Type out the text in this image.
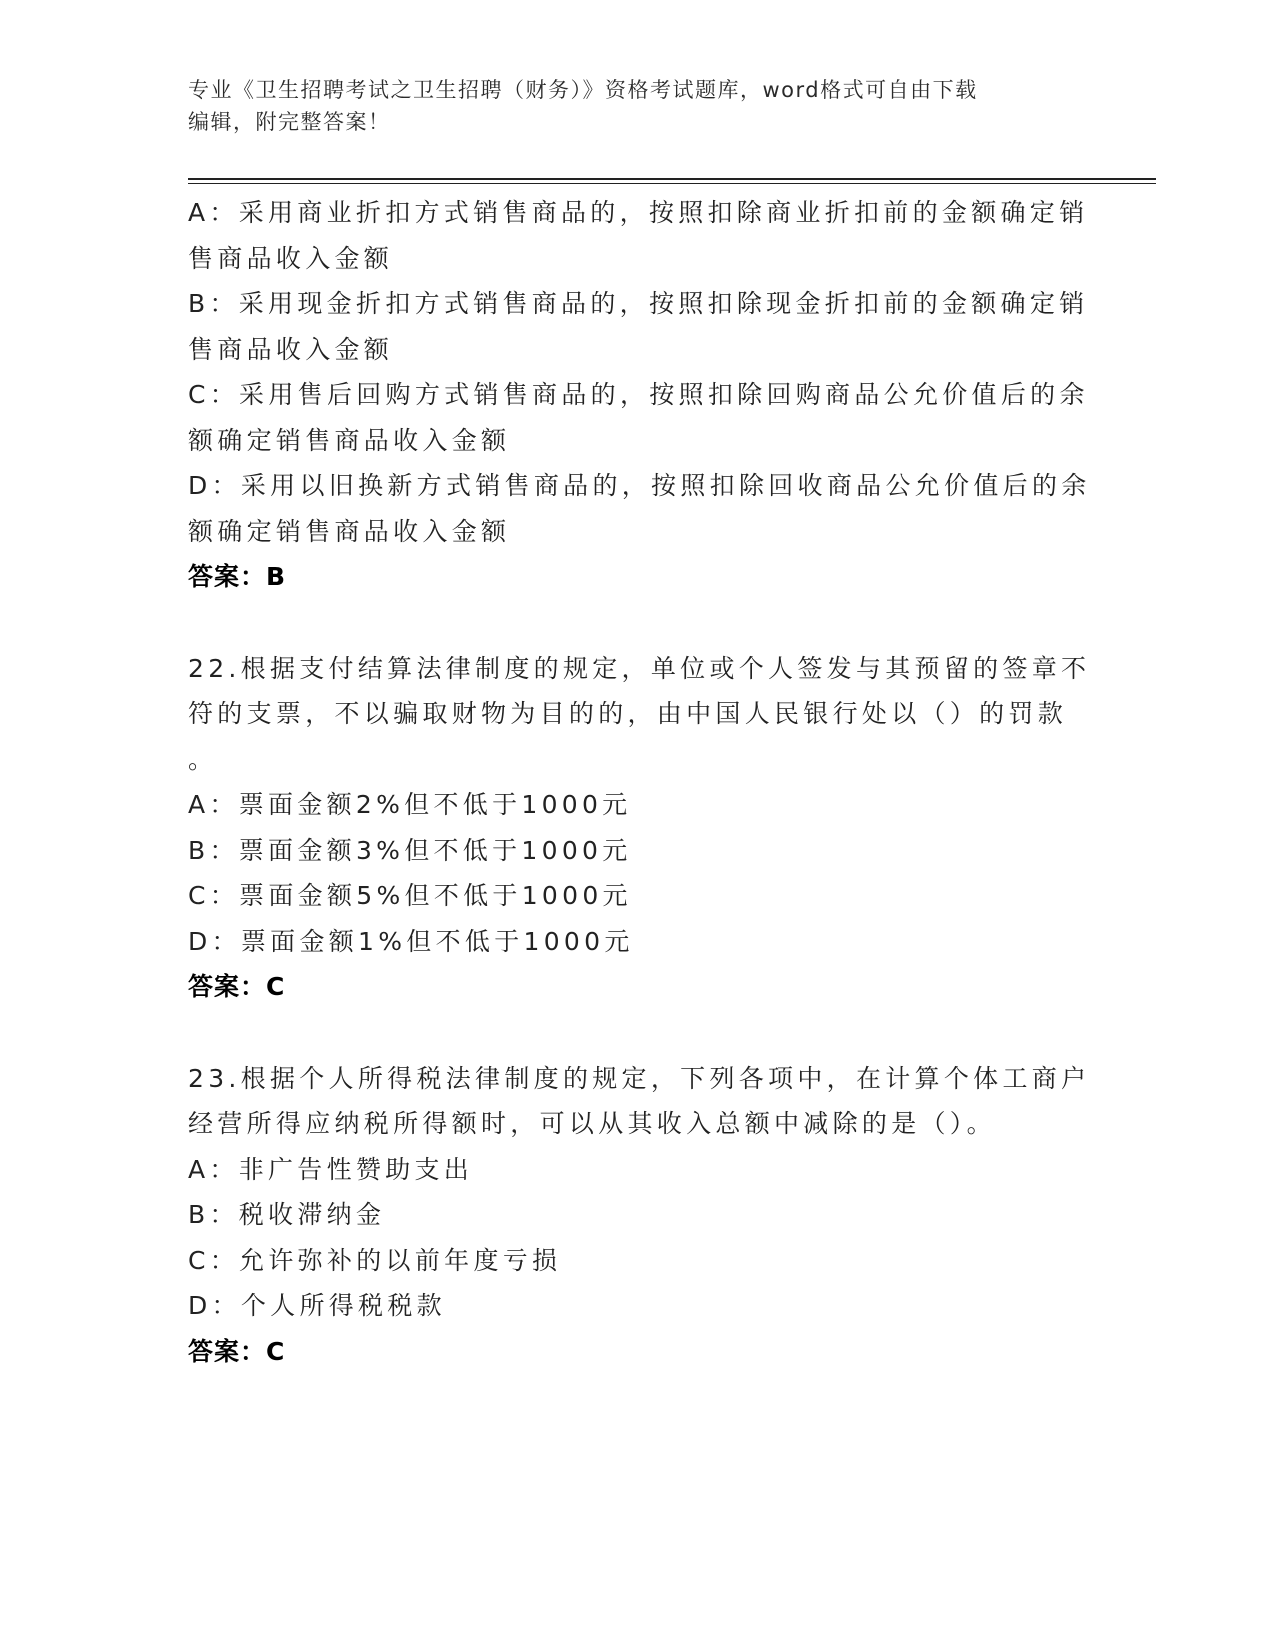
专业《卫生招聘考试之卫生招聘（财务）》资格考试题库，word格式可自由下载
编辑，附完整答案！
A：采用商业折扣方式销售商品的，按照扣除商业折扣前的金额确定销
售商品收入金额
B：采用现金折扣方式销售商品的，按照扣除现金折扣前的金额确定销
售商品收入金额
C：采用售后回购方式销售商品的，按照扣除回购商品公允价值后的余
额确定销售商品收入金额
D：采用以旧换新方式销售商品的，按照扣除回收商品公允价值后的余
额确定销售商品收入金额
答案：B
22.根据支付结算法律制度的规定，单位或个人签发与其预留的签章不
符的支票，不以骗取财物为目的的，由中国人民银行处以（）的罚款
。
A：票面金额2%但不低于1000元
B：票面金额3%但不低于1000元
C：票面金额5%但不低于1000元
D：票面金额1%但不低于1000元
答案：C
23.根据个人所得税法律制度的规定，下列各项中，在计算个体工商户
经营所得应纳税所得额时，可以从其收入总额中减除的是（）。
A：非广告性赞助支出
B：税收滞纳金
C：允许弥补的以前年度亏损
D：个人所得税税款
答案：C
